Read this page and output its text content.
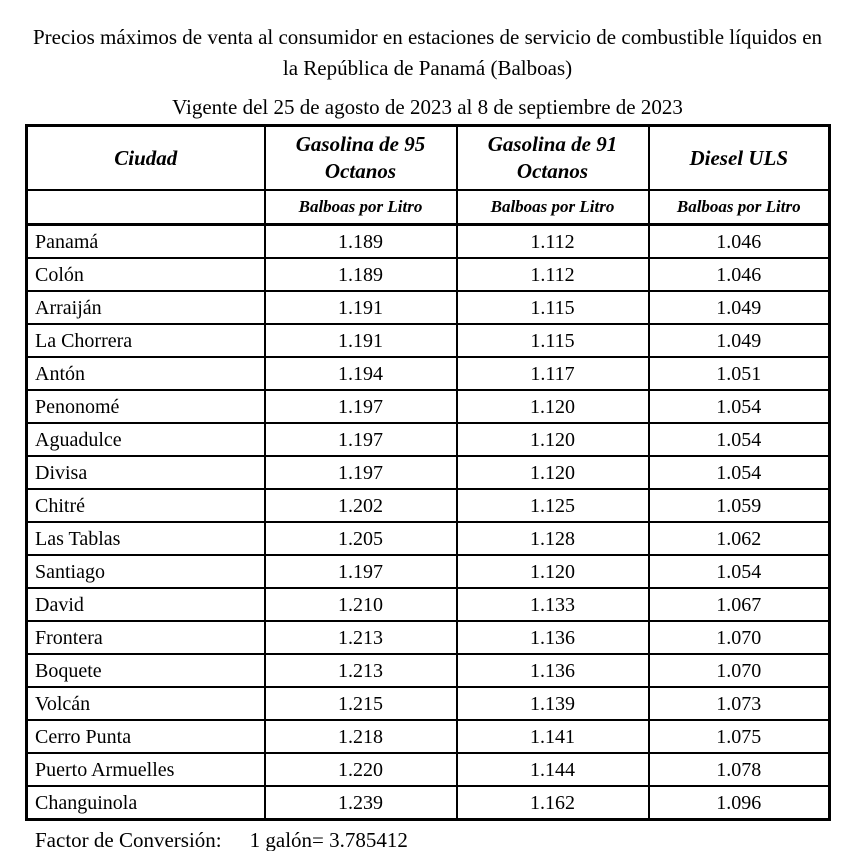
Precios máximos de venta al consumidor en estaciones de servicio de combustible líquidos en la República de Panamá (Balboas)
Vigente del 25 de agosto de 2023 al 8 de septiembre de 2023
Ciudad	Gasolina de 95 Octanos	Gasolina de 91 Octanos	Diesel ULS
	Balboas por Litro	Balboas por Litro	Balboas por Litro
Panamá	1.189	1.112	1.046
Colón	1.189	1.112	1.046
Arraiján	1.191	1.115	1.049
La Chorrera	1.191	1.115	1.049
Antón	1.194	1.117	1.051
Penonomé	1.197	1.120	1.054
Aguadulce	1.197	1.120	1.054
Divisa	1.197	1.120	1.054
Chitré	1.202	1.125	1.059
Las Tablas	1.205	1.128	1.062
Santiago	1.197	1.120	1.054
David	1.210	1.133	1.067
Frontera	1.213	1.136	1.070
Boquete	1.213	1.136	1.070
Volcán	1.215	1.139	1.073
Cerro Punta	1.218	1.141	1.075
Puerto Armuelles	1.220	1.144	1.078
Changuinola	1.239	1.162	1.096
Factor de Conversión: 1 galón= 3.785412
